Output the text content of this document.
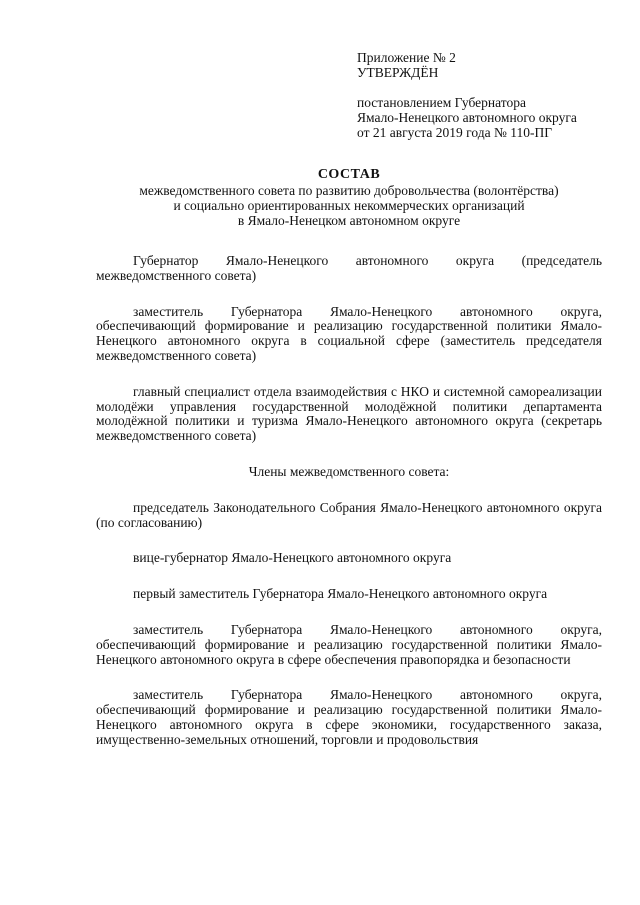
Приложение № 2
УТВЕРЖДЁН
постановлением Губернатора
Ямало-Ненецкого автономного округа
от 21 августа 2019 года № 110-ПГ
СОСТАВ
межведомственного совета по развитию добровольчества (волонтёрства)
и социально ориентированных некоммерческих организаций
в Ямало-Ненецком автономном округе

Губернатор Ямало-Ненецкого автономного округа (председатель межведомственного совета)

заместитель Губернатора Ямало-Ненецкого автономного округа, обеспечивающий формирование и реализацию государственной политики Ямало-Ненецкого автономного округа в социальной сфере (заместитель председателя межведомственного совета)

главный специалист отдела взаимодействия с НКО и системной самореализации молодёжи управления государственной молодёжной политики департамента молодёжной политики и туризма Ямало-Ненецкого автономного округа (секретарь межведомственного совета)

Члены межведомственного совета:

председатель Законодательного Собрания Ямало-Ненецкого автономного округа (по согласованию)

вице-губернатор Ямало-Ненецкого автономного округа

первый заместитель Губернатора Ямало-Ненецкого автономного округа

заместитель Губернатора Ямало-Ненецкого автономного округа, обеспечивающий формирование и реализацию государственной политики Ямало-Ненецкого автономного округа в сфере обеспечения правопорядка и безопасности

заместитель Губернатора Ямало-Ненецкого автономного округа, обеспечивающий формирование и реализацию государственной политики Ямало-Ненецкого автономного округа в сфере экономики, государственного заказа, имущественно-земельных отношений, торговли и продовольствия
